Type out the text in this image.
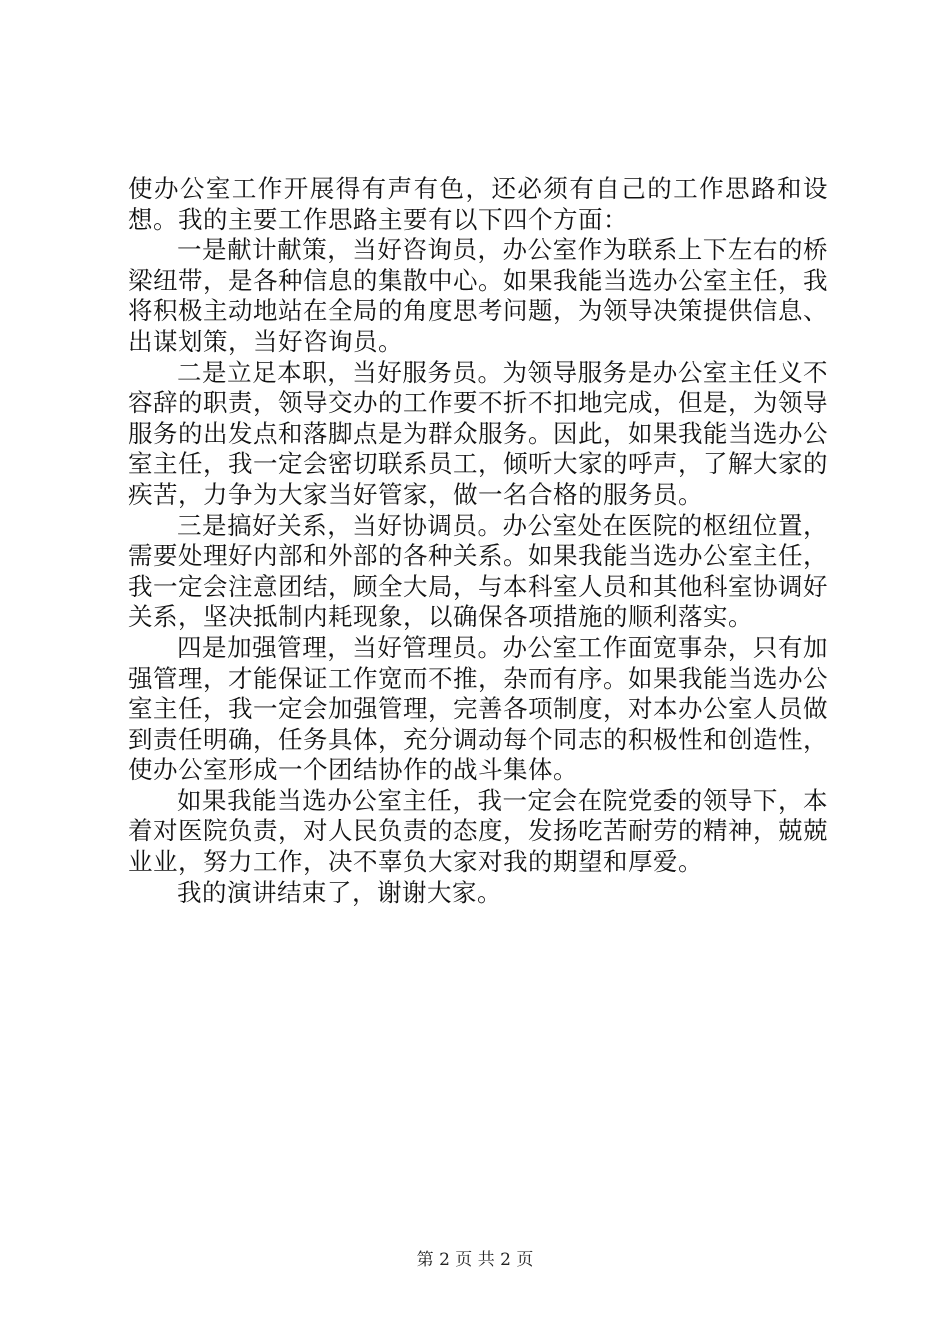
使办公室工作开展得有声有色，还必须有自己的工作思路和设想。我的主要工作思路主要有以下四个方面：

一是献计献策，当好咨询员，办公室作为联系上下左右的桥梁纽带，是各种信息的集散中心。如果我能当选办公室主任，我将积极主动地站在全局的角度思考问题，为领导决策提供信息、出谋划策，当好咨询员。

二是立足本职，当好服务员。为领导服务是办公室主任义不容辞的职责，领导交办的工作要不折不扣地完成，但是，为领导服务的出发点和落脚点是为群众服务。因此，如果我能当选办公室主任，我一定会密切联系员工，倾听大家的呼声，了解大家的疾苦，力争为大家当好管家，做一名合格的服务员。

三是搞好关系，当好协调员。办公室处在医院的枢纽位置，需要处理好内部和外部的各种关系。如果我能当选办公室主任，我一定会注意团结，顾全大局，与本科室人员和其他科室协调好关系，坚决抵制内耗现象，以确保各项措施的顺利落实。

四是加强管理，当好管理员。办公室工作面宽事杂，只有加强管理，才能保证工作宽而不推，杂而有序。如果我能当选办公室主任，我一定会加强管理，完善各项制度，对本办公室人员做到责任明确，任务具体，充分调动每个同志的积极性和创造性，使办公室形成一个团结协作的战斗集体。

如果我能当选办公室主任，我一定会在院党委的领导下，本着对医院负责，对人民负责的态度，发扬吃苦耐劳的精神，兢兢业业，努力工作，决不辜负大家对我的期望和厚爱。

我的演讲结束了，谢谢大家。

第 2 页 共 2 页
